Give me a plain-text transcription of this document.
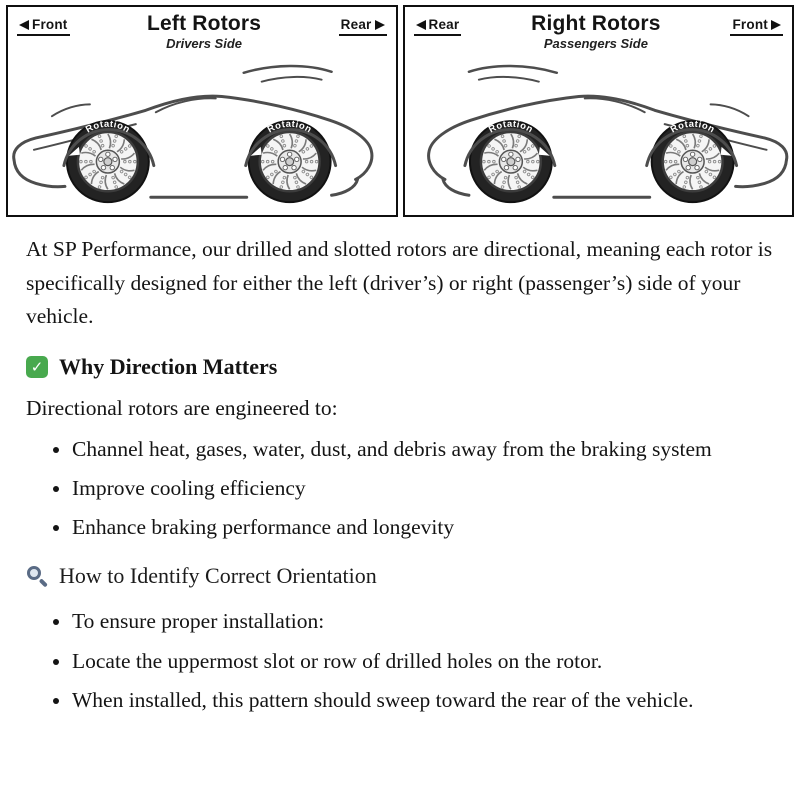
Front	Left Rotors
Drivers Side
Rear
Rotation	Rotation
Rear	Right Rotors
Passengers Side
Front
Rotation
Rotation

At SP Performance, our drilled and slotted rotors are directional, meaning each rotor is specifically designed for either the left (driver’s) or right (passenger’s) side of your vehicle.

✓ Why Direction Matters

Directional rotors are engineered to:

• Channel heat, gases, water, dust, and debris away from the braking system
• Improve cooling efficiency
• Enhance braking performance and longevity
How to Identify Correct Orientation
• To ensure proper installation:
• Locate the uppermost slot or row of drilled holes on the rotor.
• When installed, this pattern should sweep toward the rear of the vehicle.
